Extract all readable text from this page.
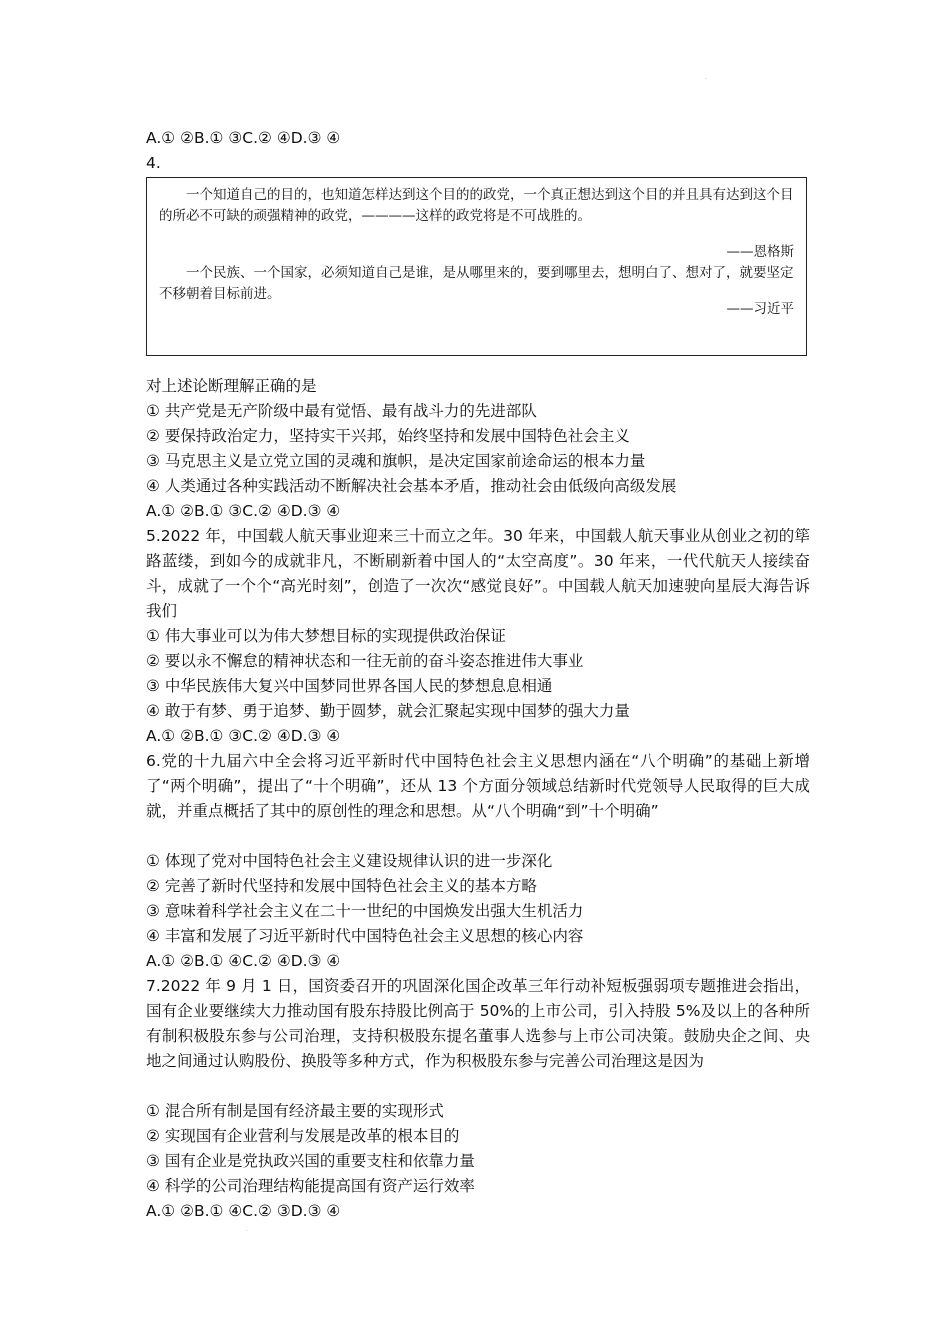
·
A.① ②B.① ③C.② ④D.③ ④
4.
一个知道自己的目的，也知道怎样达到这个目的的政党，一个真正想达到这个目的并且具有达到这个目的所必不可缺的顽强精神的政党，————这样的政党将是不可战胜的。
——恩格斯
一个民族、一个国家，必须知道自己是谁，是从哪里来的，要到哪里去，想明白了、想对了，就要坚定不移朝着目标前进。
——习近平
对上述论断理解正确的是
① 共产党是无产阶级中最有觉悟、最有战斗力的先进部队
② 要保持政治定力，坚持实干兴邦，始终坚持和发展中国特色社会主义
③ 马克思主义是立党立国的灵魂和旗帜，是决定国家前途命运的根本力量
④ 人类通过各种实践活动不断解决社会基本矛盾，推动社会由低级向高级发展
A.① ②B.① ③C.② ④D.③ ④
5.2022 年，中国载人航天事业迎来三十而立之年。30 年来，中国载人航天事业从创业之初的筚路蓝缕，到如今的成就非凡，不断刷新着中国人的“太空高度”。30 年来，一代代航天人接续奋斗，成就了一个个“高光时刻”，创造了一次次“感觉良好”。中国载人航天加速驶向星辰大海告诉我们
① 伟大事业可以为伟大梦想目标的实现提供政治保证
② 要以永不懈怠的精神状态和一往无前的奋斗姿态推进伟大事业
③ 中华民族伟大复兴中国梦同世界各国人民的梦想息息相通
④ 敢于有梦、勇于追梦、勤于圆梦，就会汇聚起实现中国梦的强大力量
A.① ②B.① ③C.② ④D.③ ④
6.党的十九届六中全会将习近平新时代中国特色社会主义思想内涵在“八个明确”的基础上新增了“两个明确”，提出了“十个明确”，还从 13 个方面分领域总结新时代党领导人民取得的巨大成就，并重点概括了其中的原创性的理念和思想。从“八个明确“到”十个明确”
① 体现了党对中国特色社会主义建设规律认识的进一步深化
② 完善了新时代坚持和发展中国特色社会主义的基本方略
③ 意味着科学社会主义在二十一世纪的中国焕发出强大生机活力
④ 丰富和发展了习近平新时代中国特色社会主义思想的核心内容
A.① ②B.① ④C.② ④D.③ ④
7.2022 年 9 月 1 日，国资委召开的巩固深化国企改革三年行动补短板强弱项专题推进会指出，国有企业要继续大力推动国有股东持股比例高于 50%的上市公司，引入持股 5%及以上的各种所有制积极股东参与公司治理，支持积极股东提名董事人选参与上市公司决策。鼓励央企之间、央地之间通过认购股份、换股等多种方式，作为积极股东参与完善公司治理这是因为
① 混合所有制是国有经济最主要的实现形式
② 实现国有企业营利与发展是改革的根本目的
③ 国有企业是党执政兴国的重要支柱和依靠力量
④ 科学的公司治理结构能提高国有资产运行效率
A.① ②B.① ④C.② ③D.③ ④
·
